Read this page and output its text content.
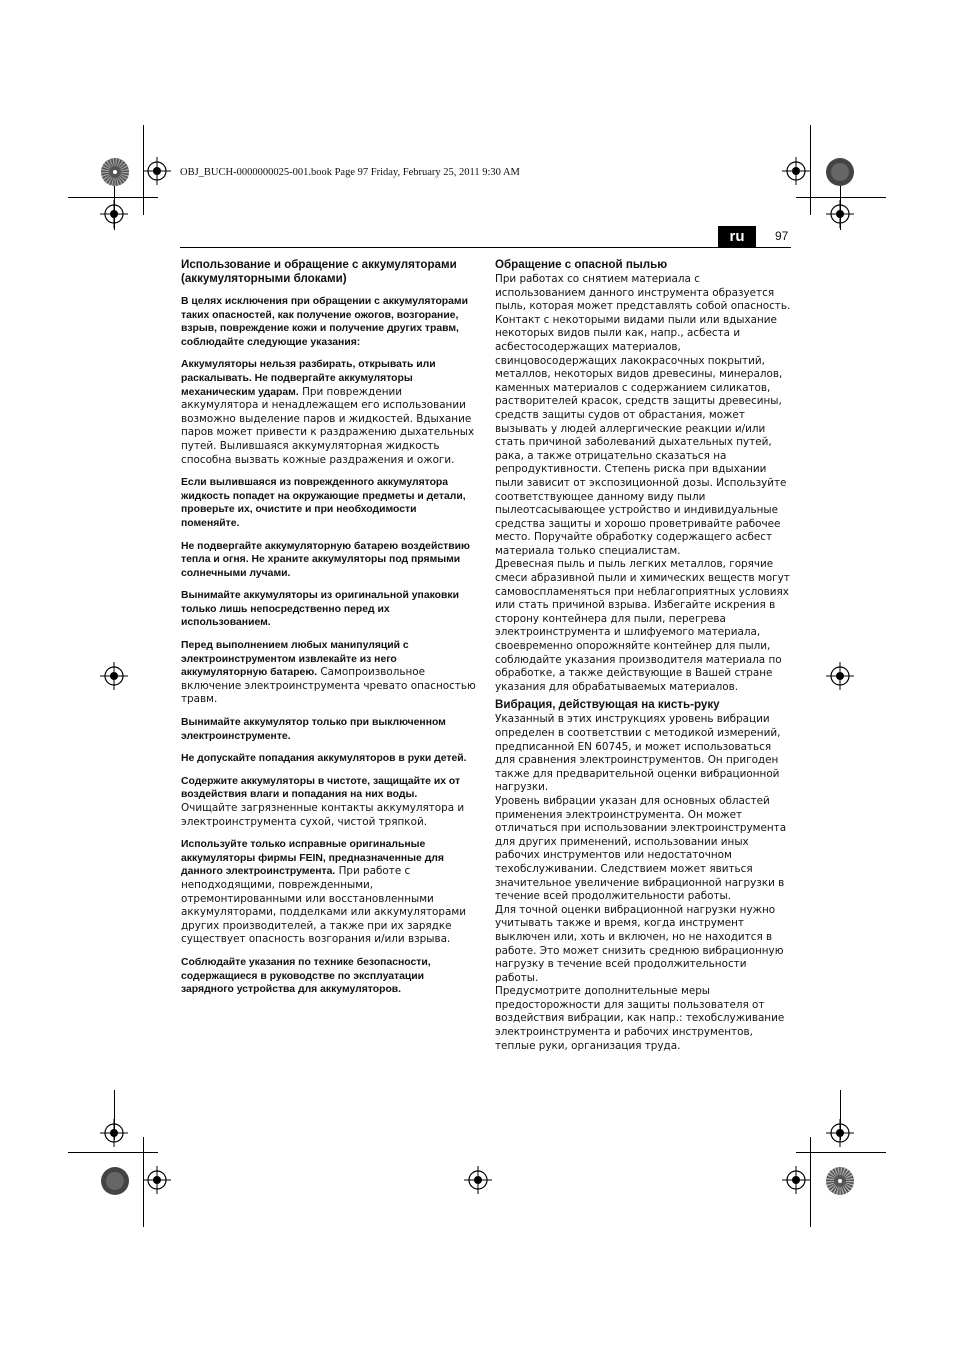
OBJ_BUCH-0000000025-001.book Page 97 Friday, February 25, 2011 9:30 AM
ru	97
Использование и обращение с аккумуляторами (аккумуляторными блоками)
В целях исключения при обращении с аккумуляторами таких опасностей, как получение ожогов, возгорание, взрыв, повреждение кожи и получение других травм, соблюдайте следующие указания:
Аккумуляторы нельзя разбирать, открывать или раскалывать. Не подвергайте аккумуляторы механическим ударам. При повреждении аккумулятора и ненадлежащем его использовании возможно выделение паров и жидкостей. Вдыхание паров может привести к раздражению дыхательных путей. Вылившаяся аккумуляторная жидкость способна вызвать кожные раздражения и ожоги.
Если вылившаяся из поврежденного аккумулятора жидкость попадет на окружающие предметы и детали, проверьте их, очистите и при необходимости поменяйте.
Не подвергайте аккумуляторную батарею воздействию тепла и огня. Не храните аккумуляторы под прямыми солнечными лучами.
Вынимайте аккумуляторы из оригинальной упаковки только лишь непосредственно перед их использованием.
Перед выполнением любых манипуляций с электроинструментом извлекайте из него аккумуляторную батарею. Самопроизвольное включение электроинструмента чревато опасностью травм.
Вынимайте аккумулятор только при выключенном электроинструменте.
Не допускайте попадания аккумуляторов в руки детей.
Содержите аккумуляторы в чистоте, защищайте их от воздействия влаги и попадания на них воды. Очищайте загрязненные контакты аккумулятора и электроинструмента сухой, чистой тряпкой.
Используйте только исправные оригинальные аккумуляторы фирмы FEIN, предназначенные для данного электроинструмента. При работе с неподходящими, поврежденными, отремонтированными или восстановленными аккумуляторами, подделками или аккумуляторами других производителей, а также при их зарядке существует опасность возгорания и/или взрыва.
Соблюдайте указания по технике безопасности, содержащиеся в руководстве по эксплуатации зарядного устройства для аккумуляторов.
Обращение с опасной пылью
При работах со снятием материала с использованием данного инструмента образуется пыль, которая может представлять собой опасность.
Контакт с некоторыми видами пыли или вдыхание некоторых видов пыли как, напр., асбеста и асбестосодержащих материалов, свинцовосодержащих лакокрасочных покрытий, металлов, некоторых видов древесины, минералов, каменных материалов с содержанием силикатов, растворителей красок, средств защиты древесины, средств защиты судов от обрастания, может вызывать у людей аллергические реакции и/или стать причиной заболеваний дыхательных путей, рака, а также отрицательно сказаться на репродуктивности. Степень риска при вдыхании пыли зависит от экспозиционной дозы. Используйте соответствующее данному виду пыли пылеотсасывающее устройство и индивидуальные средства защиты и хорошо проветривайте рабочее место. Поручайте обработку содержащего асбест материала только специалистам.
Древесная пыль и пыль легких металлов, горячие смеси абразивной пыли и химических веществ могут самовоспламеняться при неблагоприятных условиях или стать причиной взрыва. Избегайте искрения в сторону контейнера для пыли, перегрева электроинструмента и шлифуемого материала, своевременно опорожняйте контейнер для пыли, соблюдайте указания производителя материала по обработке, а также действующие в Вашей стране указания для обрабатываемых материалов.
Вибрация, действующая на кисть-руку
Указанный в этих инструкциях уровень вибрации определен в соответствии с методикой измерений, предписанной EN 60745, и может использоваться для сравнения электроинструментов. Он пригоден также для предварительной оценки вибрационной нагрузки.
Уровень вибрации указан для основных областей применения электроинструмента. Он может отличаться при использовании электроинструмента для других применений, использовании иных рабочих инструментов или недостаточном техобслуживании. Следствием может явиться значительное увеличение вибрационной нагрузки в течение всей продолжительности работы.
Для точной оценки вибрационной нагрузки нужно учитывать также и время, когда инструмент выключен или, хоть и включен, но не находится в работе. Это может снизить среднюю вибрационную нагрузку в течение всей продолжительности работы.
Предусмотрите дополнительные меры предосторожности для защиты пользователя от воздействия вибрации, как напр.: техобслуживание электроинструмента и рабочих инструментов, теплые руки, организация труда.
